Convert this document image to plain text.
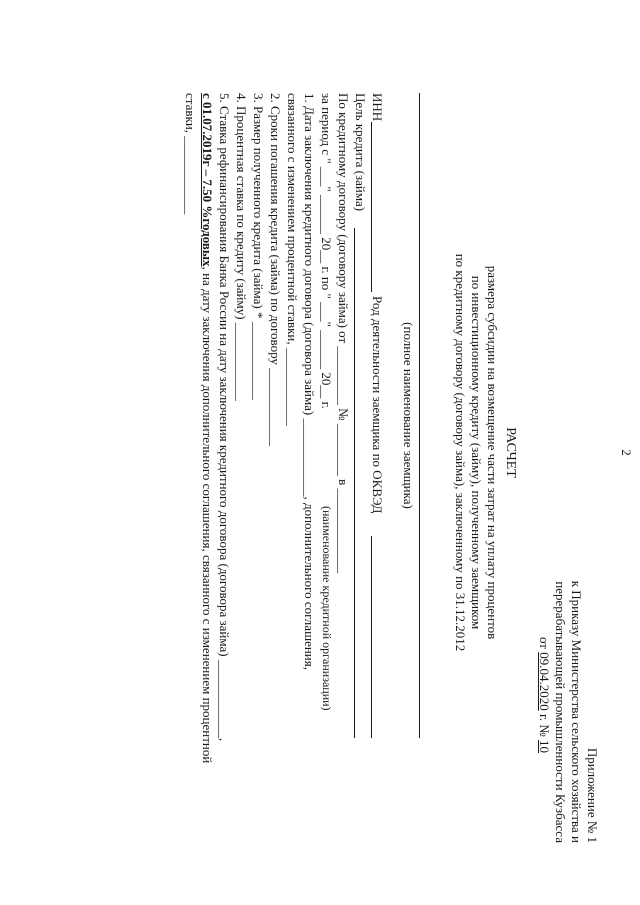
2
Приложение № 1
к Приказу Министерства сельского хозяйства и
перерабатывающей промышленности Кузбасса
от 09.04.2020 г. № 10
РАСЧЕТ
размера субсидии на возмещение части затрат на уплату процентов
по инвестиционному кредиту (займу), полученному заемщиком
по кредитному договору (договору займа), заключенному по 31.12.2012
(полное наименование заемщика)
ИНН
Род деятельности заемщика по ОКВЭД
Цель кредита (займа)
По кредитному договору (договору займа) от _________ № ________ в _____________
за период с " ___" ______ 20__ г. по " ___" ______ 20__ г.
(наименование кредитной организации)
1. Дата заключения кредитного договора (договора займа) ____________, дополнительного соглашения,
связанного с изменением процентной ставки, ____________
2. Сроки погашения кредита (займа) по договору ____________
3. Размер полученного кредита (займа) * ____________
4. Процентная ставка по кредиту (займу) ____________
5. Ставка рефинансирования Банка России на дату заключения кредитного договора (договора займа) ____________,
с 01.07.2019г – 7.50 %годовых, на дату заключения дополнительного соглашения, связанного с изменением процентной
ставки, ____________
